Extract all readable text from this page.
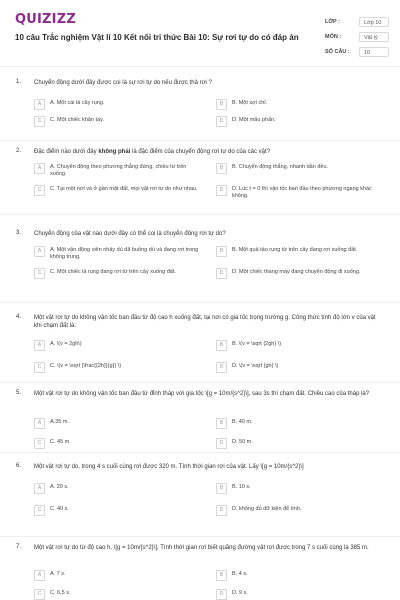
QUIZIZZ
10 câu Trắc nghiệm Vật lí 10 Kết nối tri thức Bài 10: Sự rơi tự do có đáp án
LỚP :	Lớp 10
MÔN :	Vật lý
SỐ CÂU :	10
1. Chuyển động dưới đây được coi là sự rơi tự do nếu được thả rơi ?
A	A. Một cái lá cây rụng.	B	B. Một sợi chỉ.
C	C. Một chiếc khăn tay.	D	D. Một mẩu phấn.
2. Đặc điểm nào dưới đây không phải là đặc điểm của chuyển động rơi tự do của các vật?
A	A. Chuyển động theo phương thẳng đứng, chiều từ trên xuống.
B	B. Chuyển động thẳng, nhanh dần đều.
C	C. Tại một nơi và ở gần mặt đất, mọi vật rơi tự do như nhau.	D	D. Lúc t = 0 thì vận tốc ban đầu theo phương ngang khác không.
3. Chuyển động của vật nào dưới đây có thể coi là chuyển động rơi tự do?
A	A. Một vận động viên nhảy dù đã buông dù và đang rơi trong không trung.
B	B. Một quả táo rụng từ trên cây đang rơi xuống đất.
C	C. Một chiếc lá rụng đang rơi từ trên cây xuống đất.	D	D. Một chiếc thang máy đang chuyển động đi xuống.
4. Một vật rơi tự do không vận tốc ban đầu từ độ cao h xuống đất, tại nơi có gia tốc trọng trường g. Công thức tính độ lớn v của vật khi chạm đất là:
A	A. \(v = 2gh\)	B	B. \(v = \sqrt {2gh} \)
C	C. \(v = \sqrt {\frac{{2h}}{g}} \)	D	D. \(v = \sqrt {gh} \)
5. Một vật rơi tự do không vận tốc ban đầu từ đỉnh tháp với gia tốc \[g = 10m/{s^2}\], sau 3s thì chạm đất. Chiều cao của tháp là?
A	A.35 m.	B	B. 40 m.
C	C. 45 m.	D	D. 50 m.
6. Một vật rơi tự do, trong 4 s cuối cùng rơi được 320 m. Tính thời gian rơi của vật. Lấy \[g = 10m/{s^2}\]
A	A. 20 s.	B	B. 10 s.
C	C. 40 s.	D	D. không đủ dữ kiện để tính.
7. Một vật rơi tự do từ độ cao h, \[g = 10m/{s^2}\]. Tính thời gian rơi biết quãng đường vật rơi được trong 7 s cuối cùng là 385 m.
A	A. 7 s.	B	B. 4 s.
C	C. 6,5 s.	D	D. 9 s.
